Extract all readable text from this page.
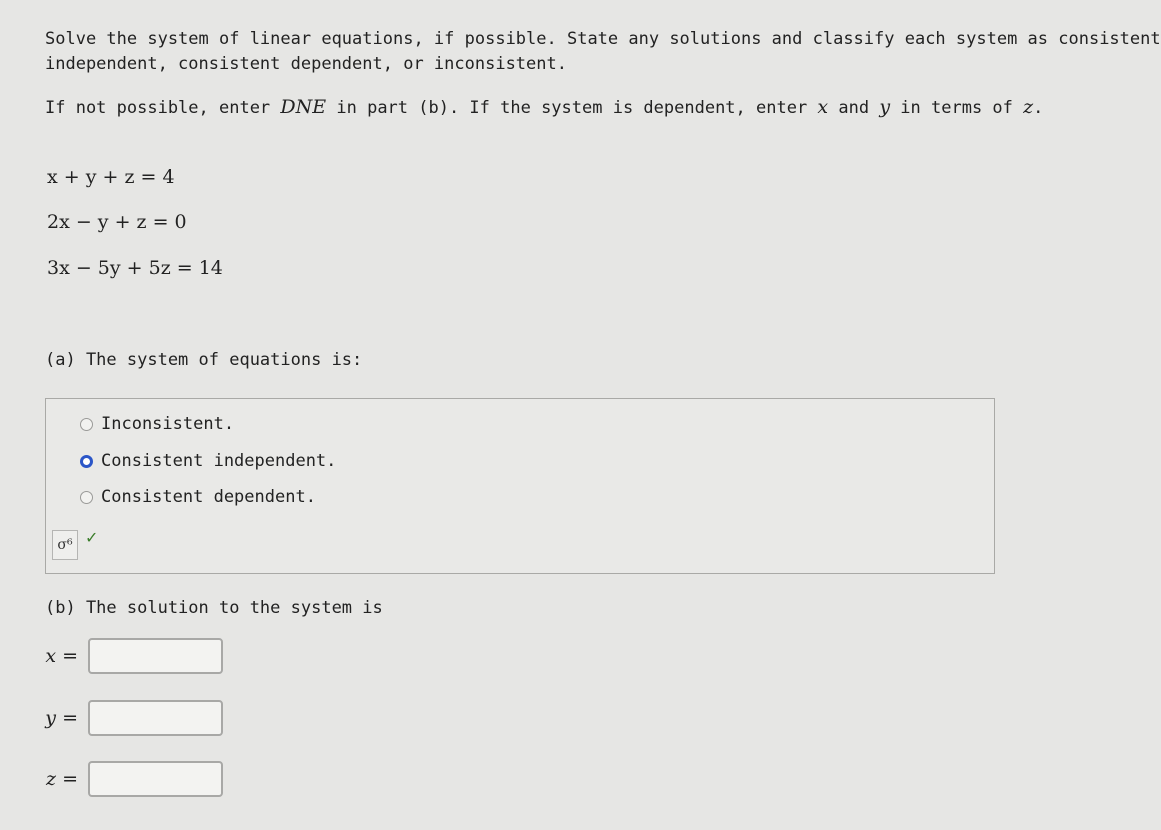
Solve the system of linear equations, if possible. State any solutions and classify each system as consistent
independent, consistent dependent, or inconsistent.
If not possible, enter DNE in part (b). If the system is dependent, enter x and y in terms of z.
x + y + z = 4
2x − y + z = 0
3x − 5y + 5z = 14
(a) The system of equations is:
Inconsistent.
Consistent independent.
Consistent dependent.
σ⁶ ✓
(b) The solution to the system is
x =
y =
z =
